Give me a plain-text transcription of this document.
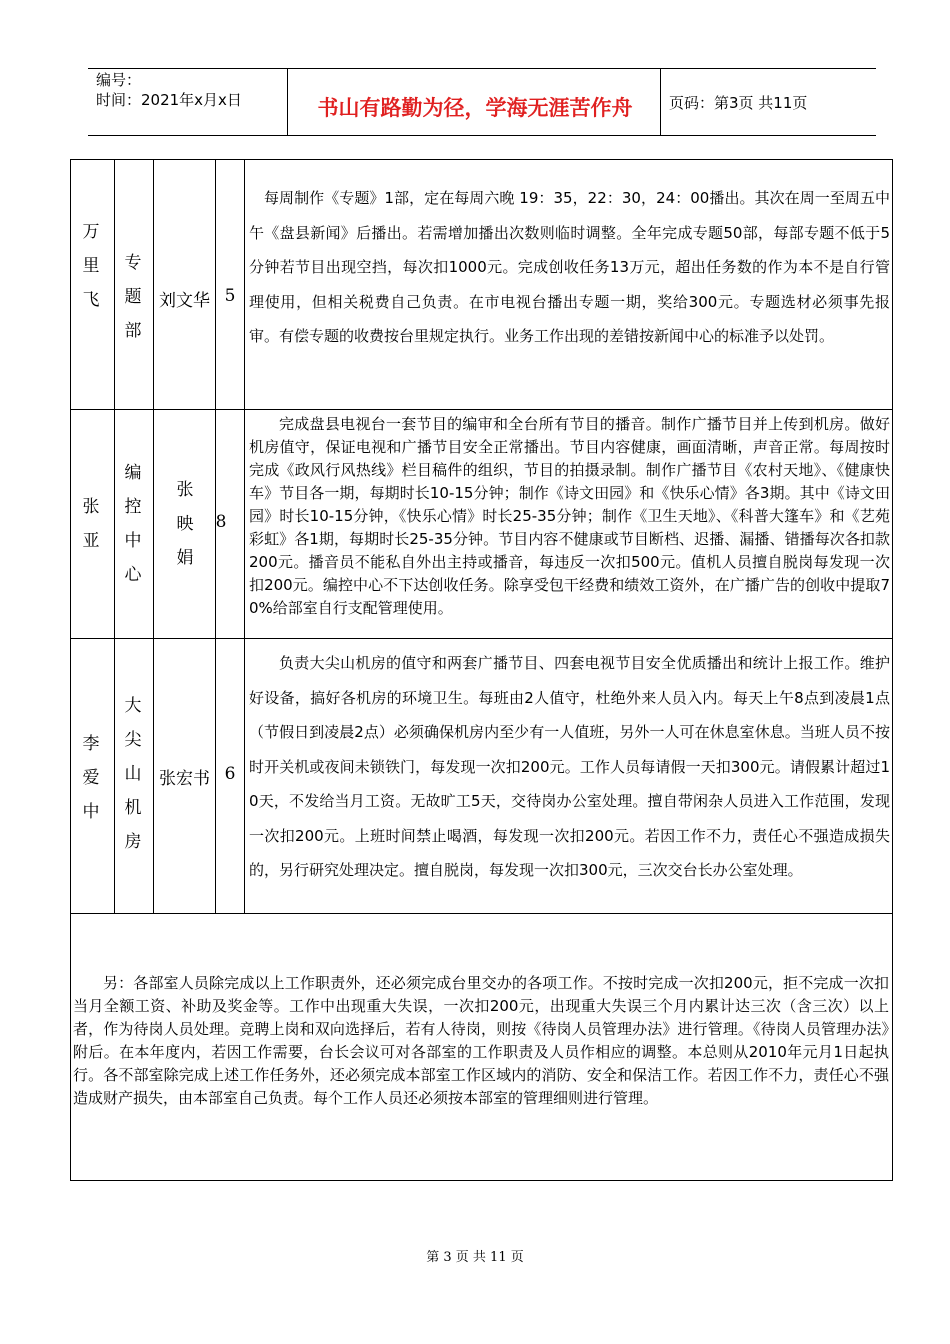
编号：
时间：2021年x月x日	书山有路勤为径，学海无涯苦作舟	页码：第3页 共11页
万里飞
专题部
刘文华 5
每周制作《专题》1部，定在每周六晚 19：35，22：30，24：00播出。其次在周一至周五中午《盘县新闻》后播出。若需增加播出次数则临时调整。全年完成专题50部，每部专题不低于5分钟若节目出现空挡，每次扣1000元。完成创收任务13万元，超出任务数的作为本不是自行管理使用，但相关税费自己负责。在市电视台播出专题一期，奖给300元。专题选材必须事先报审。有偿专题的收费按台里规定执行。业务工作出现的差错按新闻中心的标准予以处罚。
张亚
编控中心
张映娟
8
完成盘县电视台一套节目的编审和全台所有节目的播音。制作广播节目并上传到机房。做好机房值守，保证电视和广播节目安全正常播出。节目内容健康，画面清晰，声音正常。每周按时完成《政风行风热线》栏目稿件的组织，节目的拍摄录制。制作广播节目《农村天地》、《健康快车》节目各一期，每期时长10-15分钟；制作《诗文田园》和《快乐心情》各3期。其中《诗文田园》时长10-15分钟，《快乐心情》时长25-35分钟；制作《卫生天地》、《科普大篷车》和《艺苑彩虹》各1期，每期时长25-35分钟。节目内容不健康或节目断档、迟播、漏播、错播每次各扣款 200元。播音员不能私自外出主持或播音，每违反一次扣500元。值机人员擅自脱岗每发现一次扣200元。编控中心不下达创收任务。除享受包干经费和绩效工资外，在广播广告的创收中提取70%给部室自行支配管理使用。
李爱中
大尖山机房
张宏书 6
负责大尖山机房的值守和两套广播节目、四套电视节目安全优质播出和统计上报工作。维护好设备，搞好各机房的环境卫生。每班由2人值守，杜绝外来人员入内。每天上午8点到凌晨1点（节假日到凌晨2点）必须确保机房内至少有一人值班，另外一人可在休息室休息。当班人员不按时开关机或夜间未锁铁门，每发现一次扣200元。工作人员每请假一天扣300元。请假累计超过10天，不发给当月工资。无故旷工5天，交待岗办公室处理。擅自带闲杂人员进入工作范围，发现一次扣200元。上班时间禁止喝酒，每发现一次扣200元。若因工作不力，责任心不强造成损失的，另行研究处理决定。擅自脱岗，每发现一次扣300元，三次交台长办公室处理。
另：各部室人员除完成以上工作职责外，还必须完成台里交办的各项工作。不按时完成一次扣200元，拒不完成一次扣当月全额工资、补助及奖金等。工作中出现重大失误，一次扣200元，出现重大失误三个月内累计达三次（含三次）以上者，作为待岗人员处理。竞聘上岗和双向选择后，若有人待岗，则按《待岗人员管理办法》进行管理。《待岗人员管理办法》附后。在本年度内，若因工作需要，台长会议可对各部室的工作职责及人员作相应的调整。本总则从2010年元月1日起执行。各不部室除完成上述工作任务外，还必须完成本部室工作区域内的消防、安全和保洁工作。若因工作不力，责任心不强造成财产损失，由本部室自己负责。每个工作人员还必须按本部室的管理细则进行管理。
第 3 页 共 11 页
